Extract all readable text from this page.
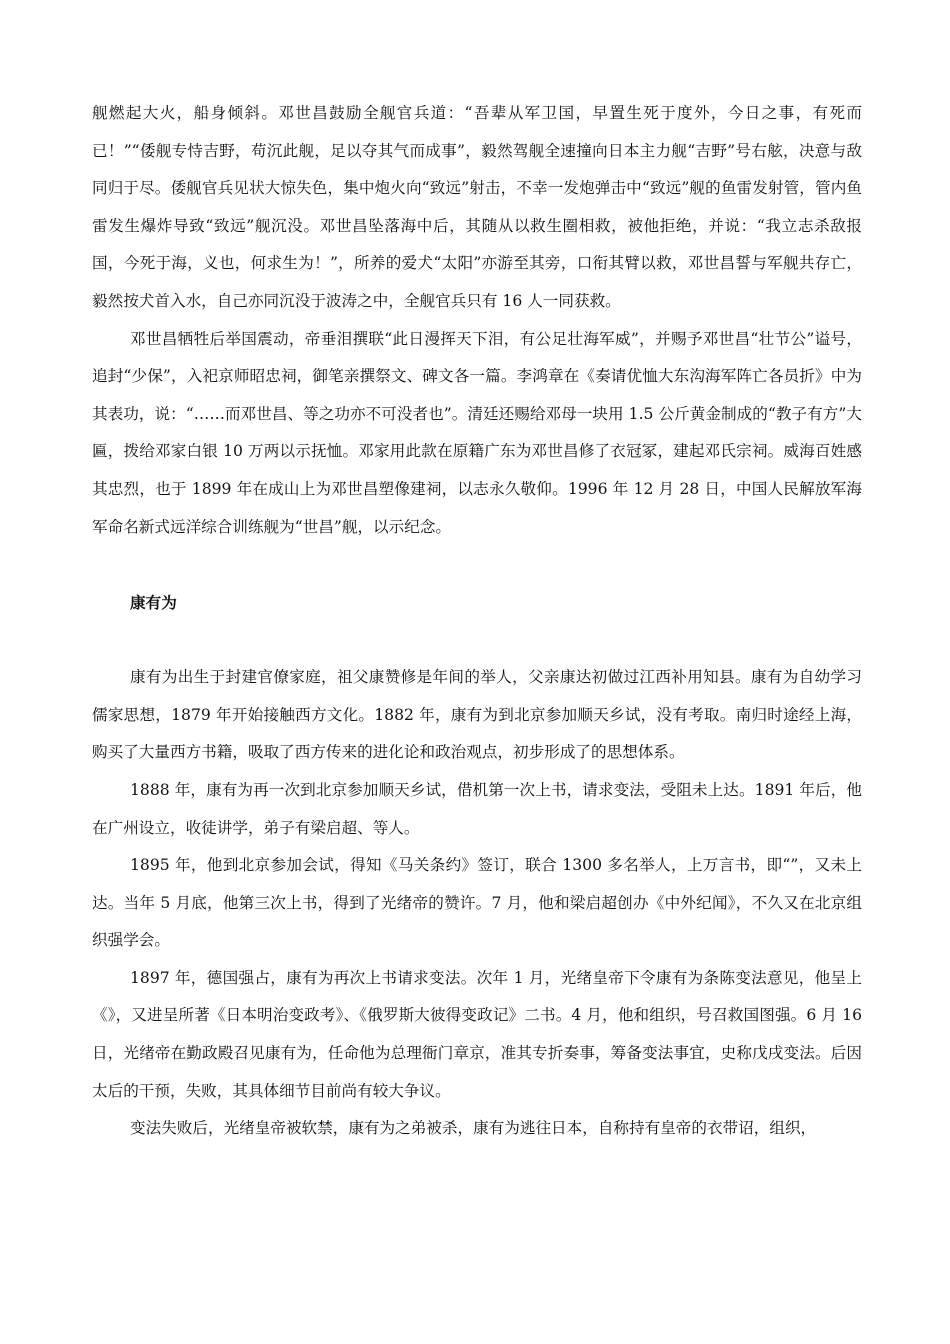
舰燃起大火，船身倾斜。邓世昌鼓励全舰官兵道：“吾辈从军卫国，早置生死于度外，今日之事，有死而已！”“倭舰专恃吉野，苟沉此舰，足以夺其气而成事”，毅然驾舰全速撞向日本主力舰“吉野”号右舷，决意与敌同归于尽。倭舰官兵见状大惊失色，集中炮火向“致远”射击，不幸一发炮弹击中“致远”舰的鱼雷发射管，管内鱼雷发生爆炸导致“致远”舰沉没。邓世昌坠落海中后，其随从以救生圈相救，被他拒绝，并说：“我立志杀敌报国，今死于海，义也，何求生为！”，所养的爱犬“太阳”亦游至其旁，口衔其臂以救，邓世昌誓与军舰共存亡，毅然按犬首入水，自己亦同沉没于波涛之中，全舰官兵只有 16 人一同获救。

邓世昌牺牲后举国震动，帝垂泪撰联“此日漫挥天下泪，有公足壮海军威”，并赐予邓世昌“壮节公”谥号，追封“少保”，入祀京师昭忠祠，御笔亲撰祭文、碑文各一篇。李鸿章在《奏请优恤大东沟海军阵亡各员折》中为其表功，说：“……而邓世昌、等之功亦不可没者也”。清廷还赐给邓母一块用 1.5 公斤黄金制成的“教子有方”大匾，拨给邓家白银 10 万两以示抚恤。邓家用此款在原籍广东为邓世昌修了衣冠冢，建起邓氏宗祠。威海百姓感其忠烈，也于 1899 年在成山上为邓世昌塑像建祠，以志永久敬仰。1996 年 12 月 28 日，中国人民解放军海军命名新式远洋综合训练舰为“世昌”舰，以示纪念。

康有为

康有为出生于封建官僚家庭，祖父康赞修是年间的举人，父亲康达初做过江西补用知县。康有为自幼学习儒家思想，1879 年开始接触西方文化。1882 年，康有为到北京参加顺天乡试，没有考取。南归时途经上海，购买了大量西方书籍，吸取了西方传来的进化论和政治观点，初步形成了的思想体系。

1888 年，康有为再一次到北京参加顺天乡试，借机第一次上书，请求变法，受阻未上达。1891 年后，他在广州设立，收徒讲学，弟子有梁启超、等人。

1895 年，他到北京参加会试，得知《马关条约》签订，联合 1300 多名举人，上万言书，即“”，又未上达。当年 5 月底，他第三次上书，得到了光绪帝的赞许。7 月，他和梁启超创办《中外纪闻》，不久又在北京组织强学会。

1897 年，德国强占，康有为再次上书请求变法。次年 1 月，光绪皇帝下令康有为条陈变法意见，他呈上《》，又进呈所著《日本明治变政考》、《俄罗斯大彼得变政记》二书。4 月，他和组织，号召救国图强。6 月 16 日，光绪帝在勤政殿召见康有为，任命他为总理衙门章京，准其专折奏事，筹备变法事宜，史称戊戌变法。后因太后的干预，失败，其具体细节目前尚有较大争议。

变法失败后，光绪皇帝被软禁，康有为之弟被杀，康有为逃往日本，自称持有皇帝的衣带诏，组织，
